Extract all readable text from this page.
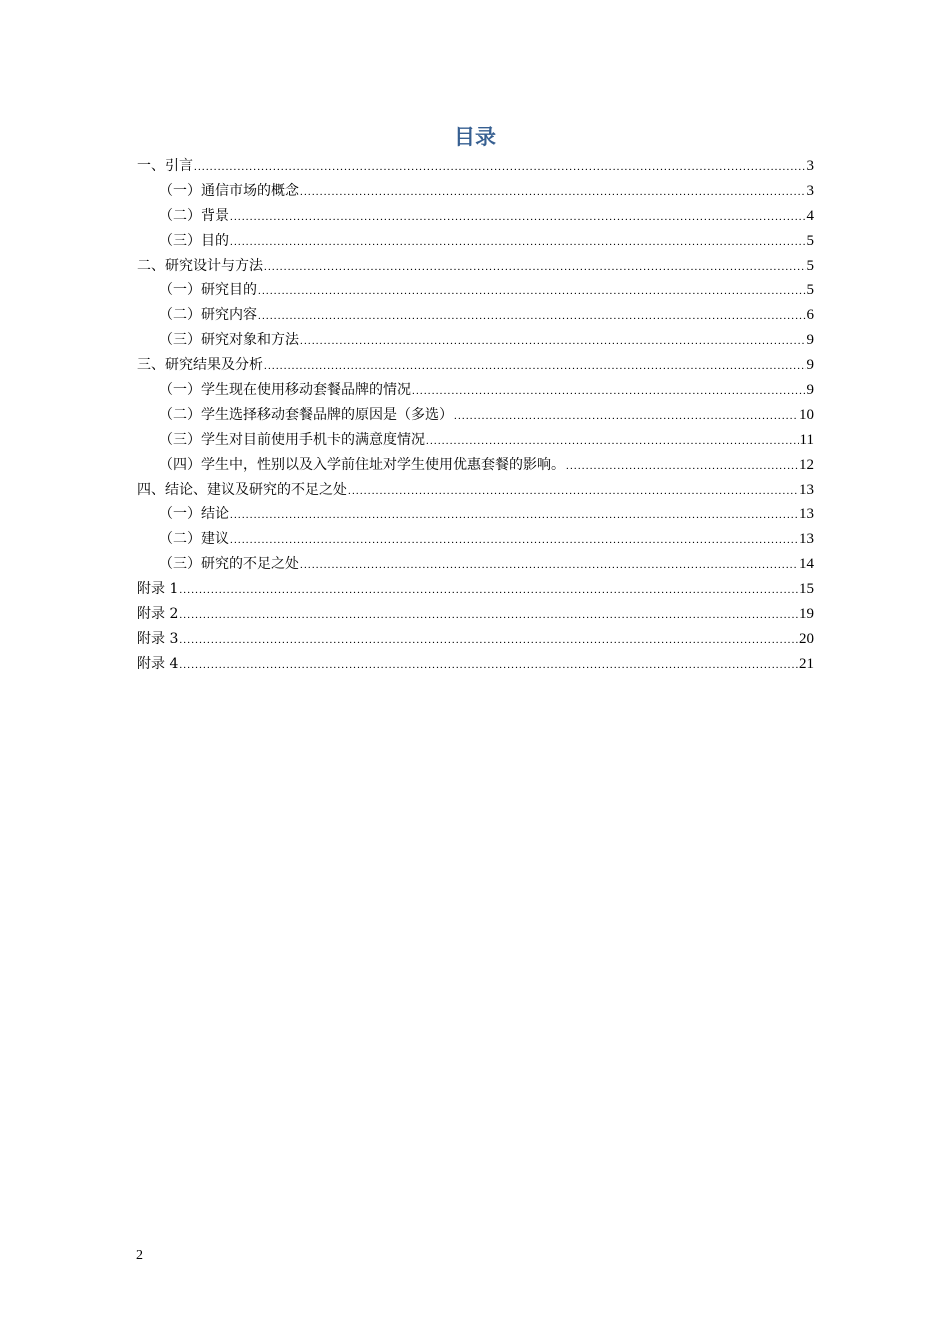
目录
一、引言 .....	3
（一）通信市场的概念 .....	3
（二）背景 .....	4
（三）目的 .....	5
二、研究设计与方法 .....	5
（一）研究目的 .....	5
（二）研究内容 .....	6
（三）研究对象和方法 .....	9
三、研究结果及分析 .....	9
（一）学生现在使用移动套餐品牌的情况 .....	9
（二）学生选择移动套餐品牌的原因是（多选） .....	10
（三）学生对目前使用手机卡的满意度情况 .....	11
（四）学生中，性别以及入学前住址对学生使用优惠套餐的影响。 .....	12
四、结论、建议及研究的不足之处 .....	13
（一）结论 .....	13
（二）建议 .....	13
（三）研究的不足之处 .....	14
附录 1 .....	15
附录 2 .....	19
附录 3 .....	20
附录 4 .....	21
2
